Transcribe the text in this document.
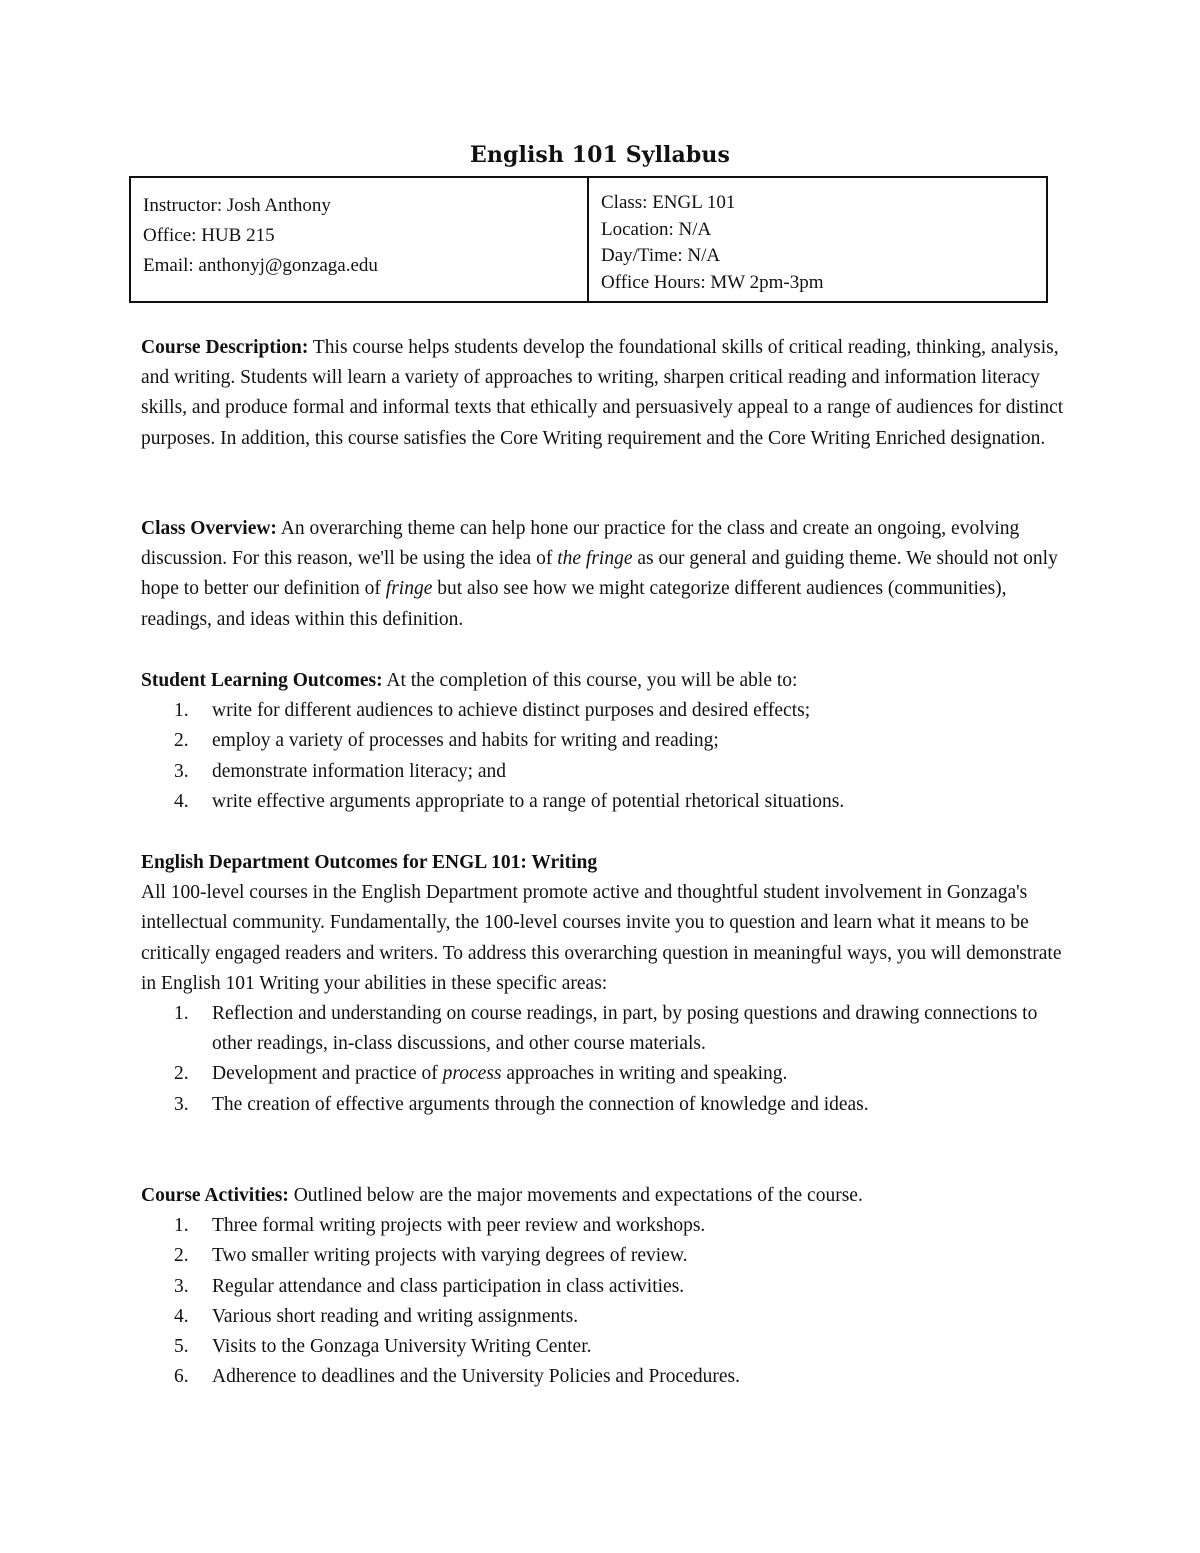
English 101 Syllabus
Instructor: Josh Anthony
Office: HUB 215
Email: anthonyj@gonzaga.edu
Class: ENGL 101
Location: N/A
Day/Time: N/A
Office Hours: MW 2pm-3pm
Course Description: This course helps students develop the foundational skills of critical reading, thinking, analysis, and writing. Students will learn a variety of approaches to writing, sharpen critical reading and information literacy skills, and produce formal and informal texts that ethically and persuasively appeal to a range of audiences for distinct purposes. In addition, this course satisfies the Core Writing requirement and the Core Writing Enriched designation.
Class Overview: An overarching theme can help hone our practice for the class and create an ongoing, evolving discussion. For this reason, we'll be using the idea of the fringe as our general and guiding theme. We should not only hope to better our definition of fringe but also see how we might categorize different audiences (communities), readings, and ideas within this definition.
Student Learning Outcomes: At the completion of this course, you will be able to:
1. write for different audiences to achieve distinct purposes and desired effects;
2. employ a variety of processes and habits for writing and reading;
3. demonstrate information literacy; and
4. write effective arguments appropriate to a range of potential rhetorical situations.
English Department Outcomes for ENGL 101: Writing
All 100-level courses in the English Department promote active and thoughtful student involvement in Gonzaga's intellectual community. Fundamentally, the 100-level courses invite you to question and learn what it means to be critically engaged readers and writers. To address this overarching question in meaningful ways, you will demonstrate in English 101 Writing your abilities in these specific areas:
1. Reflection and understanding on course readings, in part, by posing questions and drawing connections to other readings, in-class discussions, and other course materials.
2. Development and practice of process approaches in writing and speaking.
3. The creation of effective arguments through the connection of knowledge and ideas.
Course Activities: Outlined below are the major movements and expectations of the course.
1. Three formal writing projects with peer review and workshops.
2. Two smaller writing projects with varying degrees of review.
3. Regular attendance and class participation in class activities.
4. Various short reading and writing assignments.
5. Visits to the Gonzaga University Writing Center.
6. Adherence to deadlines and the University Policies and Procedures.
